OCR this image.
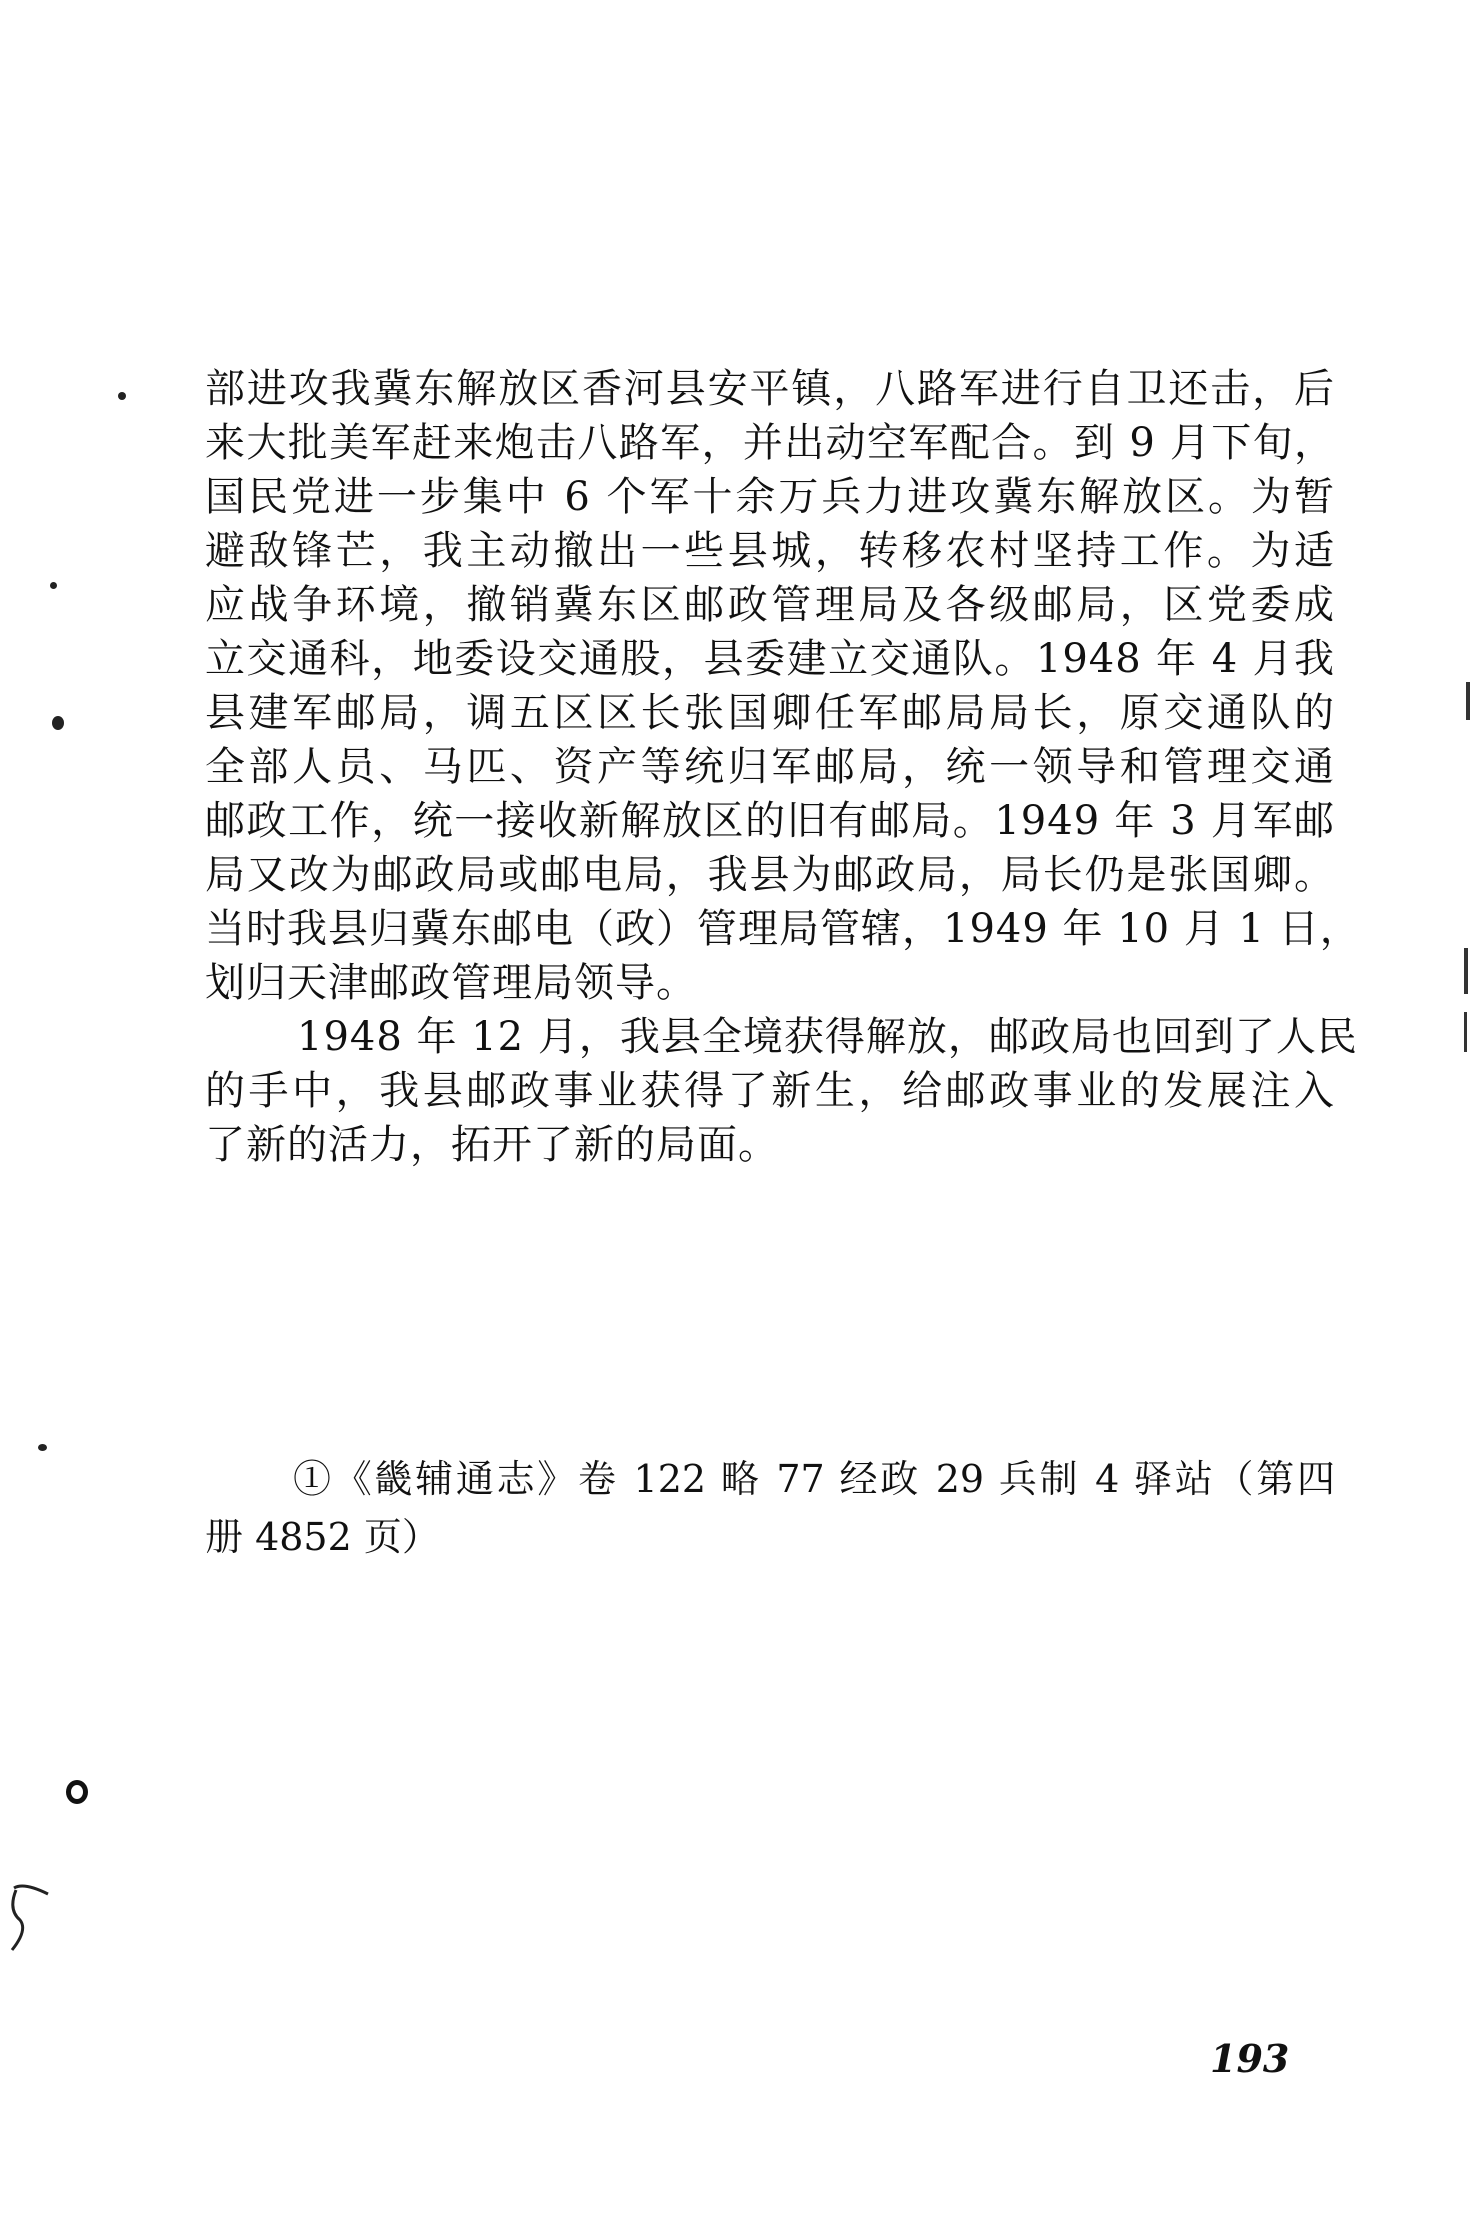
部进攻我冀东解放区香河县安平镇，八路军进行自卫还击，后
来大批美军赶来炮击八路军，并出动空军配合。到 9 月下旬，
国民党进一步集中 6 个军十余万兵力进攻冀东解放区。为暂
避敌锋芒，我主动撤出一些县城，转移农村坚持工作。为适
应战争环境，撤销冀东区邮政管理局及各级邮局，区党委成
立交通科，地委设交通股，县委建立交通队。1948 年 4 月我
县建军邮局，调五区区长张国卿任军邮局局长，原交通队的
全部人员、马匹、资产等统归军邮局，统一领导和管理交通
邮政工作，统一接收新解放区的旧有邮局。1949 年 3 月军邮
局又改为邮政局或邮电局，我县为邮政局，局长仍是张国卿。
当时我县归冀东邮电（政）管理局管辖，1949 年 10 月 1 日，
划归天津邮政管理局领导。
1948 年 12 月，我县全境获得解放，邮政局也回到了人民
的手中，我县邮政事业获得了新生，给邮政事业的发展注入
了新的活力，拓开了新的局面。
①《畿辅通志》卷 122 略 77 经政 29 兵制 4 驿站（第四
册 4852 页）
193
